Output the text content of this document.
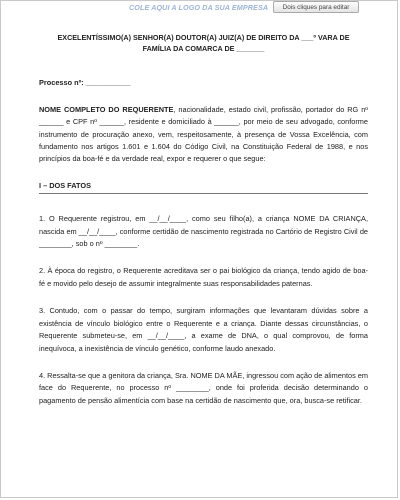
COLE AQUI A LOGO DA SUA EMPRESA	Dois cliques para editar

EXCELENTÍSSIMO(A) SENHOR(A) DOUTOR(A) JUIZ(A) DE DIREITO DA ___º VARA DE FAMÍLIA DA COMARCA DE _______

Processo nº: ___________

NOME COMPLETO DO REQUERENTE, nacionalidade, estado civil, profissão, portador do RG nº ______ e CPF nº ______, residente e domiciliado à ______, por meio de seu advogado, conforme instrumento de procuração anexo, vem, respeitosamente, à presença de Vossa Excelência, com fundamento nos artigos 1.601 e 1.604 do Código Civil, na Constituição Federal de 1988, e nos princípios da boa-fé e da verdade real, expor e requerer o que segue:

I – DOS FATOS

1. O Requerente registrou, em __/__/____, como seu filho(a), a criança NOME DA CRIANÇA, nascida em __/__/____, conforme certidão de nascimento registrada no Cartório de Registro Civil de ________, sob o nº ________.

2. À época do registro, o Requerente acreditava ser o pai biológico da criança, tendo agido de boa-fé e movido pelo desejo de assumir integralmente suas responsabilidades paternas.

3. Contudo, com o passar do tempo, surgiram informações que levantaram dúvidas sobre a existência de vínculo biológico entre o Requerente e a criança. Diante dessas circunstâncias, o Requerente submeteu-se, em __/__/____, a exame de DNA, o qual comprovou, de forma inequívoca, a inexistência de vínculo genético, conforme laudo anexado.

4. Ressalta-se que a genitora da criança, Sra. NOME DA MÃE, ingressou com ação de alimentos em face do Requerente, no processo nº ________, onde foi proferida decisão determinando o pagamento de pensão alimentícia com base na certidão de nascimento que, ora, busca-se retificar.
